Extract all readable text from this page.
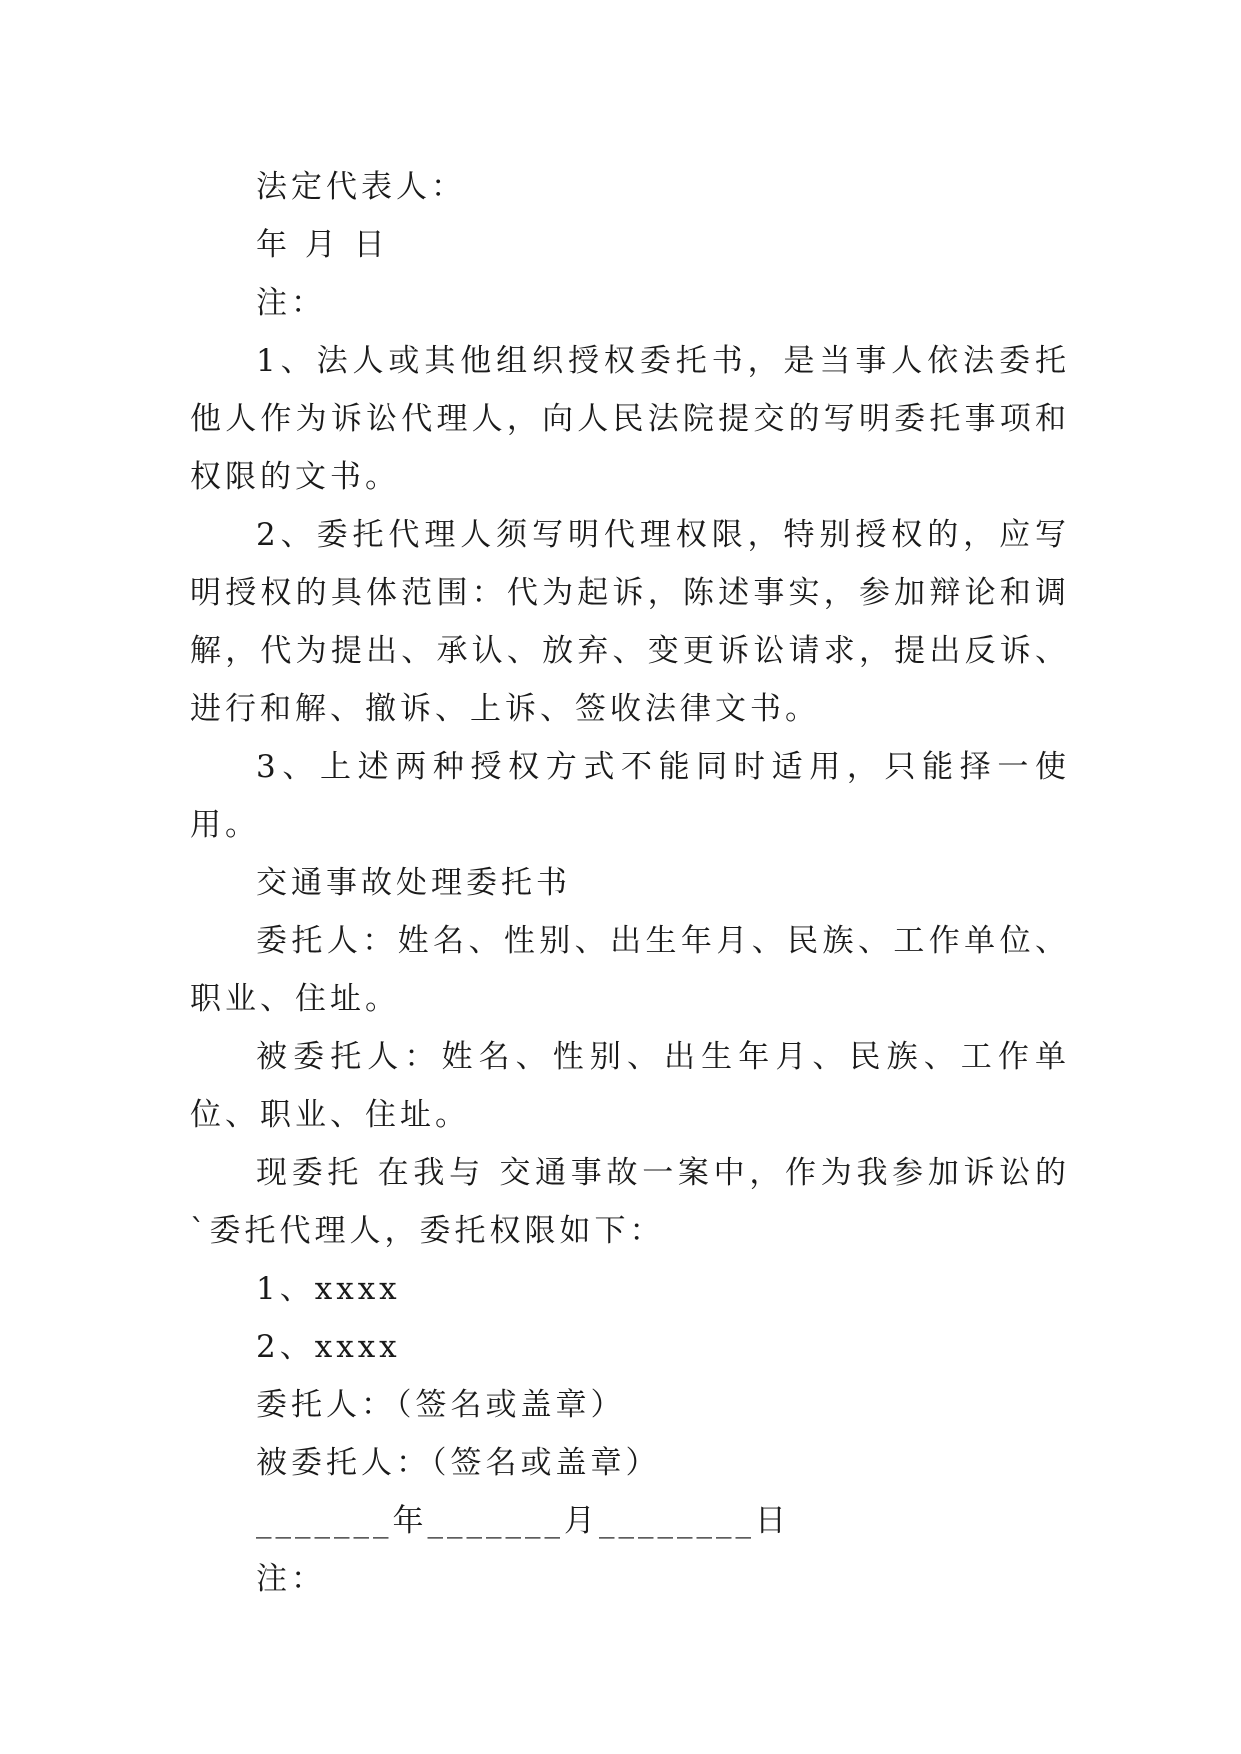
法定代表人：

年 月 日

注：

1、法人或其他组织授权委托书，是当事人依法委托他人作为诉讼代理人，向人民法院提交的写明委托事项和权限的文书。

2、委托代理人须写明代理权限，特别授权的，应写明授权的具体范围：代为起诉，陈述事实，参加辩论和调解，代为提出、承认、放弃、变更诉讼请求，提出反诉、进行和解、撤诉、上诉、签收法律文书。

3、上述两种授权方式不能同时适用，只能择一使用。

交通事故处理委托书

委托人：姓名、性别、出生年月、民族、工作单位、职业、住址。

被委托人：姓名、性别、出生年月、民族、工作单位、职业、住址。

现委托 在我与 交通事故一案中，作为我参加诉讼的`委托代理人，委托权限如下：

1、xxxx

2、xxxx

委托人：（签名或盖章）

被委托人：（签名或盖章）

_______年_______月________日

注：
